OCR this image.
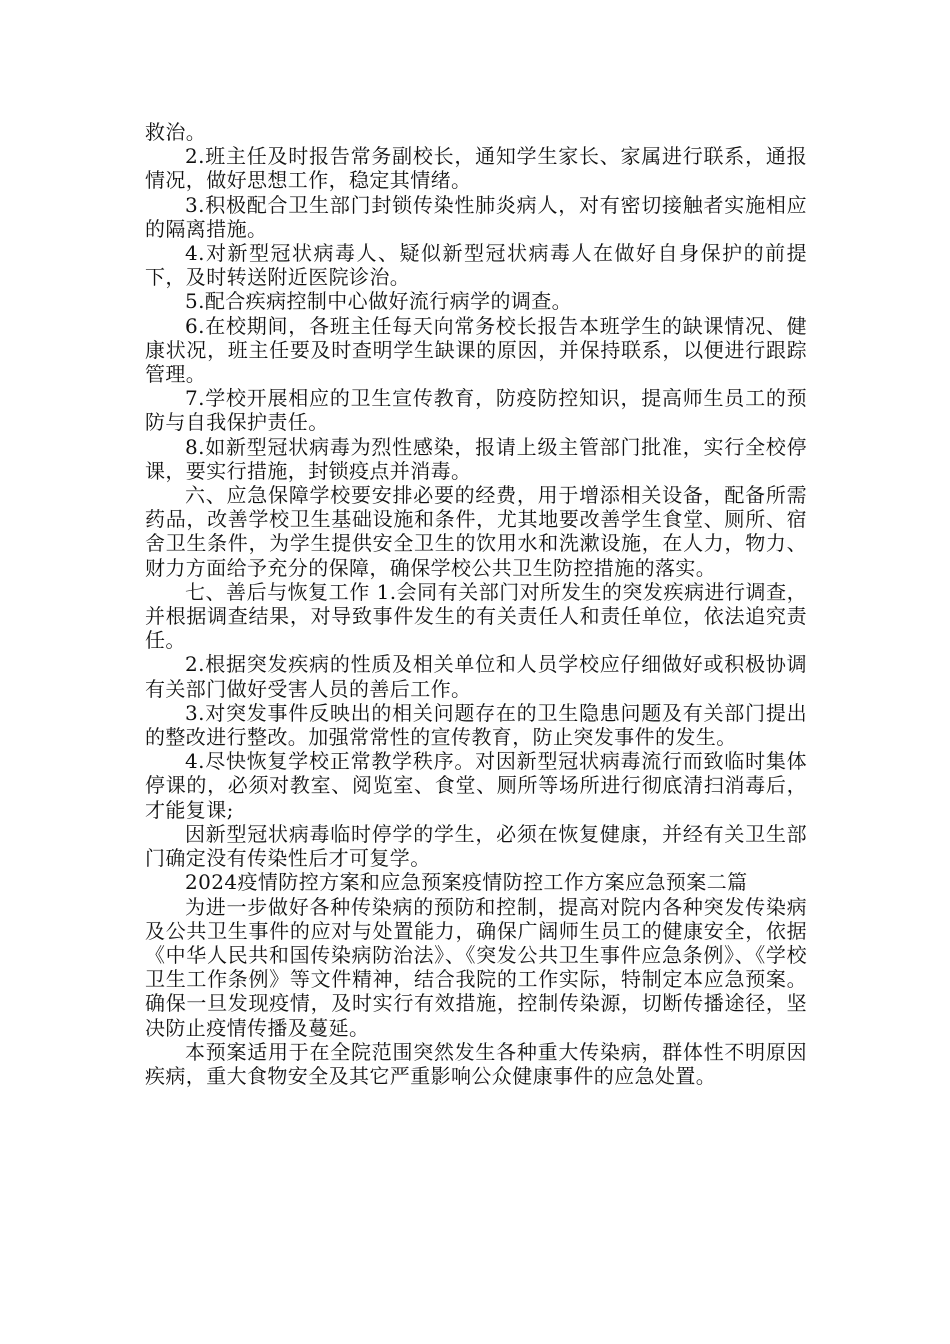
救治。

2.班主任及时报告常务副校长，通知学生家长、家属进行联系，通报情况，做好思想工作，稳定其情绪。

3.积极配合卫生部门封锁传染性肺炎病人，对有密切接触者实施相应的隔离措施。

4.对新型冠状病毒人、疑似新型冠状病毒人在做好自身保护的前提下，及时转送附近医院诊治。

5.配合疾病控制中心做好流行病学的调查。

6.在校期间，各班主任每天向常务校长报告本班学生的缺课情况、健康状况，班主任要及时查明学生缺课的原因，并保持联系，以便进行跟踪管理。

7.学校开展相应的卫生宣传教育，防疫防控知识，提高师生员工的预防与自我保护责任。

8.如新型冠状病毒为烈性感染，报请上级主管部门批准，实行全校停课，要实行措施，封锁疫点并消毒。

六、应急保障学校要安排必要的经费，用于增添相关设备，配备所需药品，改善学校卫生基础设施和条件，尤其地要改善学生食堂、厕所、宿舍卫生条件，为学生提供安全卫生的饮用水和洗漱设施，在人力，物力、财力方面给予充分的保障，确保学校公共卫生防控措施的落实。

七、善后与恢复工作 1.会同有关部门对所发生的突发疾病进行调查，并根据调查结果，对导致事件发生的有关责任人和责任单位，依法追究责任。

2.根据突发疾病的性质及相关单位和人员学校应仔细做好或积极协调有关部门做好受害人员的善后工作。

3.对突发事件反映出的相关问题存在的卫生隐患问题及有关部门提出的整改进行整改。加强常常性的宣传教育，防止突发事件的发生。

4.尽快恢复学校正常教学秩序。对因新型冠状病毒流行而致临时集体停课的，必须对教室、阅览室、食堂、厕所等场所进行彻底清扫消毒后，才能复课;

因新型冠状病毒临时停学的学生，必须在恢复健康，并经有关卫生部门确定没有传染性后才可复学。

2024疫情防控方案和应急预案疫情防控工作方案应急预案二篇

为进一步做好各种传染病的预防和控制，提高对院内各种突发传染病及公共卫生事件的应对与处置能力，确保广阔师生员工的健康安全，依据《中华人民共和国传染病防治法》、《突发公共卫生事件应急条例》、《学校卫生工作条例》等文件精神，结合我院的工作实际，特制定本应急预案。确保一旦发现疫情，及时实行有效措施，控制传染源，切断传播途径，坚决防止疫情传播及蔓延。

本预案适用于在全院范围突然发生各种重大传染病，群体性不明原因疾病，重大食物安全及其它严重影响公众健康事件的应急处置。
